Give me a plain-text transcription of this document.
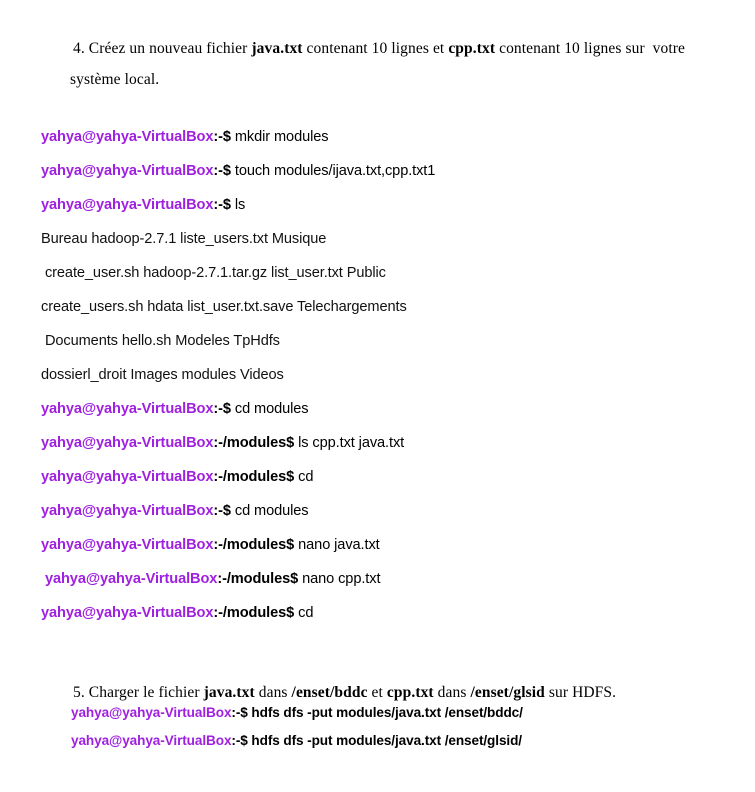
4. Créez un nouveau fichier java.txt contenant 10 lignes et cpp.txt contenant 10 lignes sur  votre
système local.

yahya@yahya-VirtualBox:-$ mkdir modules
yahya@yahya-VirtualBox:-$ touch modules/ijava.txt,cpp.txt1
yahya@yahya-VirtualBox:-$ ls
Bureau hadoop-2.7.1 liste_users.txt Musique
create_user.sh hadoop-2.7.1.tar.gz list_user.txt Public
create_users.sh hdata list_user.txt.save Telechargements
Documents hello.sh Modeles TpHdfs
dossierl_droit Images modules Videos
yahya@yahya-VirtualBox:-$ cd modules
yahya@yahya-VirtualBox:-/modules$ ls cpp.txt java.txt
yahya@yahya-VirtualBox:-/modules$ cd
yahya@yahya-VirtualBox:-$ cd modules
yahya@yahya-VirtualBox:-/modules$ nano java.txt
yahya@yahya-VirtualBox:-/modules$ nano cpp.txt
yahya@yahya-VirtualBox:-/modules$ cd

5. Charger le fichier java.txt dans /enset/bddc et cpp.txt dans /enset/glsid sur HDFS.

yahya@yahya-VirtualBox:-$ hdfs dfs -put modules/java.txt /enset/bddc/
yahya@yahya-VirtualBox:-$ hdfs dfs -put modules/java.txt /enset/glsid/
